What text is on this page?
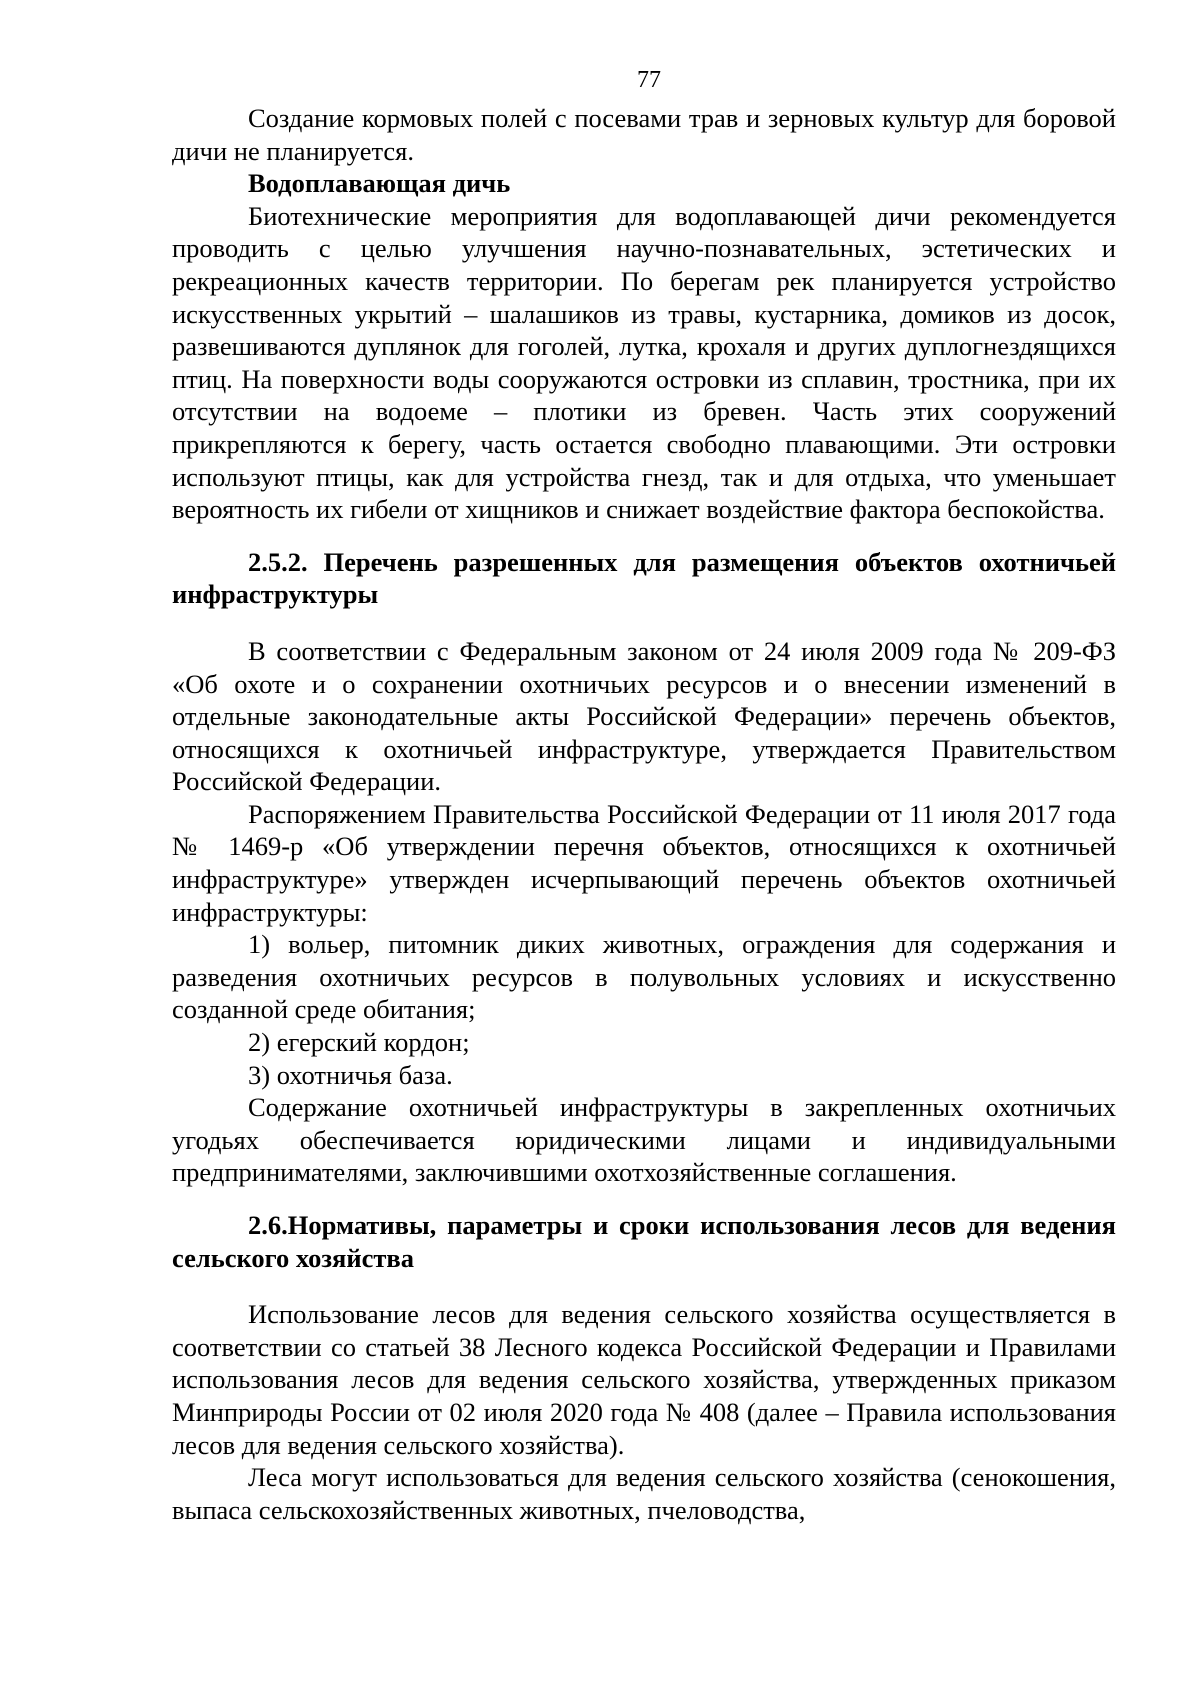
77

Создание кормовых полей с посевами трав и зерновых культур для боровой дичи не планируется.

Водоплавающая дичь

Биотехнические мероприятия для водоплавающей дичи рекомендуется проводить с целью улучшения научно-познавательных, эстетических и рекреационных качеств территории. По берегам рек планируется устройство искусственных укрытий – шалашиков из травы, кустарника, домиков из досок, развешиваются дуплянок для гоголей, лутка, крохаля и других дуплогнездящихся птиц. На поверхности воды сооружаются островки из сплавин, тростника, при их отсутствии на водоеме – плотики из бревен. Часть этих сооружений прикрепляются к берегу, часть остается свободно плавающими. Эти островки используют птицы, как для устройства гнезд, так и для отдыха, что уменьшает вероятность их гибели от хищников и снижает воздействие фактора беспокойства.

2.5.2. Перечень разрешенных для размещения объектов охотничьей инфраструктуры

В соответствии с Федеральным законом от 24 июля 2009 года № 209-ФЗ «Об охоте и о сохранении охотничьих ресурсов и о внесении изменений в отдельные законодательные акты Российской Федерации» перечень объектов, относящихся к охотничьей инфраструктуре, утверждается Правительством Российской Федерации.

Распоряжением Правительства Российской Федерации от 11 июля 2017 года № 1469-р «Об утверждении перечня объектов, относящихся к охотничьей инфраструктуре» утвержден исчерпывающий перечень объектов охотничьей инфраструктуры:

1) вольер, питомник диких животных, ограждения для содержания и разведения охотничьих ресурсов в полувольных условиях и искусственно созданной среде обитания;

2) егерский кордон;

3) охотничья база.

Содержание охотничьей инфраструктуры в закрепленных охотничьих угодьях обеспечивается юридическими лицами и индивидуальными предпринимателями, заключившими охотхозяйственные соглашения.

2.6.Нормативы, параметры и сроки использования лесов для ведения сельского хозяйства

Использование лесов для ведения сельского хозяйства осуществляется в соответствии со статьей 38 Лесного кодекса Российской Федерации и Правилами использования лесов для ведения сельского хозяйства, утвержденных приказом Минприроды России от 02 июля 2020 года № 408 (далее – Правила использования лесов для ведения сельского хозяйства).

Леса могут использоваться для ведения сельского хозяйства (сенокошения, выпаса сельскохозяйственных животных, пчеловодства,
